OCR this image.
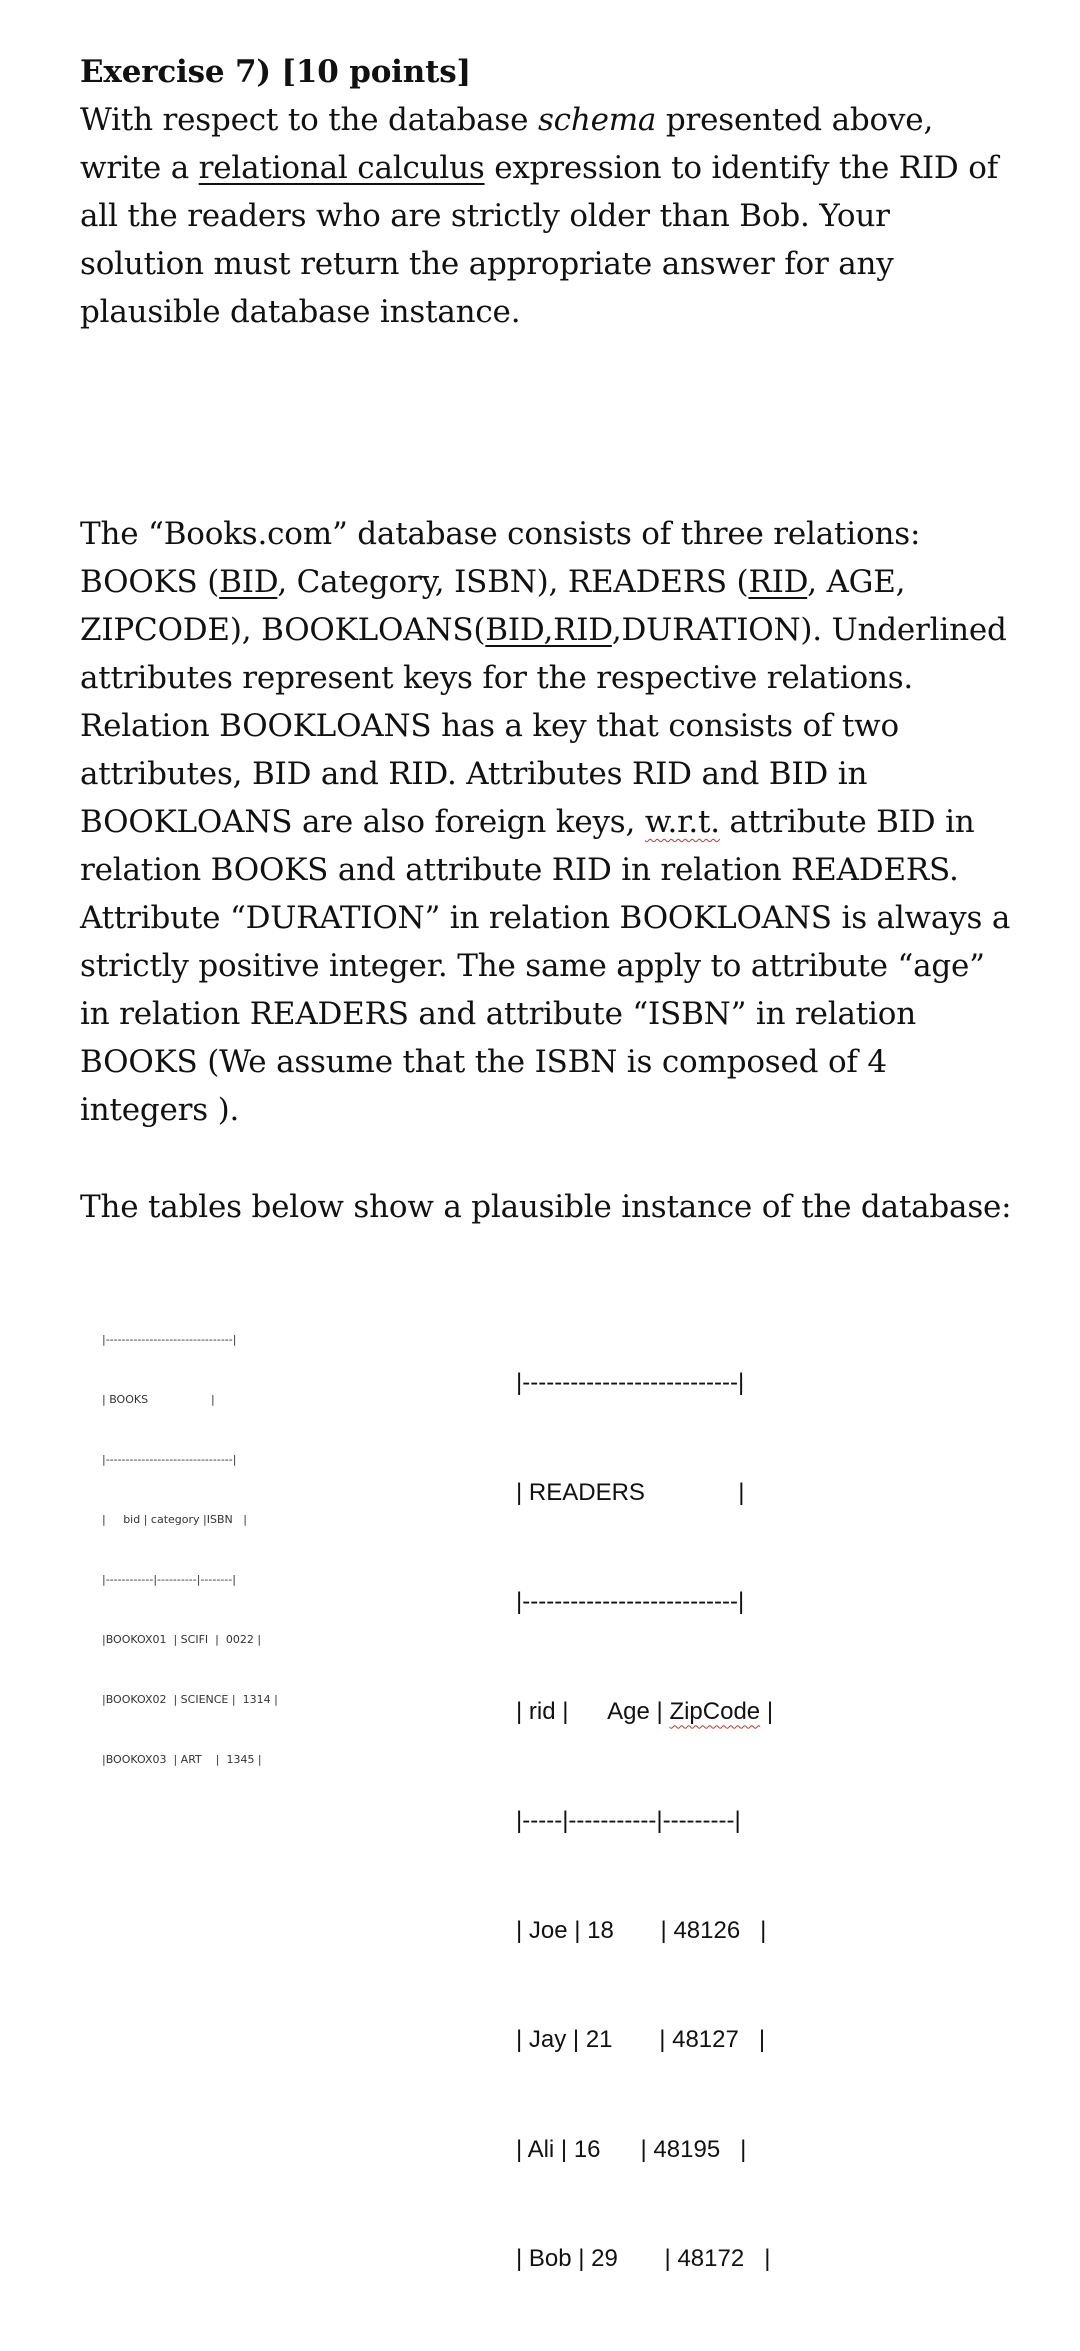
Exercise 7) [10 points]
With respect to the database schema presented above, write a relational calculus expression to identify the RID of all the readers who are strictly older than Bob. Your solution must return the appropriate answer for any plausible database instance.
The “Books.com” database consists of three relations: BOOKS (BID, Category, ISBN), READERS (RID, AGE, ZIPCODE), BOOKLOANS(BID,RID,DURATION). Underlined attributes represent keys for the respective relations. Relation BOOKLOANS has a key that consists of two attributes, BID and RID. Attributes RID and BID in BOOKLOANS are also foreign keys, w.r.t. attribute BID in relation BOOKS and attribute RID in relation READERS. Attribute “DURATION” in relation BOOKLOANS is always a strictly positive integer. The same apply to attribute “age” in relation READERS and attribute “ISBN” in relation BOOKS (We assume that the ISBN is composed of 4 integers ).
The tables below show a plausible instance of the database:

|--------------------------------|

| BOOKS                  |

|--------------------------------|

|     bid | category |ISBN   |

|------------|----------|--------|

|BOOKOX01  | SCIFI  |  0022 |

|BOOKOX02  | SCIENCE |  1314 |

|BOOKOX03  | ART    |  1345 |

|---------------------------|

| READERS              |

|---------------------------|

| rid |      Age | ZipCode |

|-----|-----------|---------|

| Joe | 18       | 48126   |

| Jay | 21       | 48127   |

| Ali | 16      | 48195   |

| Bob | 29       | 48172   |
